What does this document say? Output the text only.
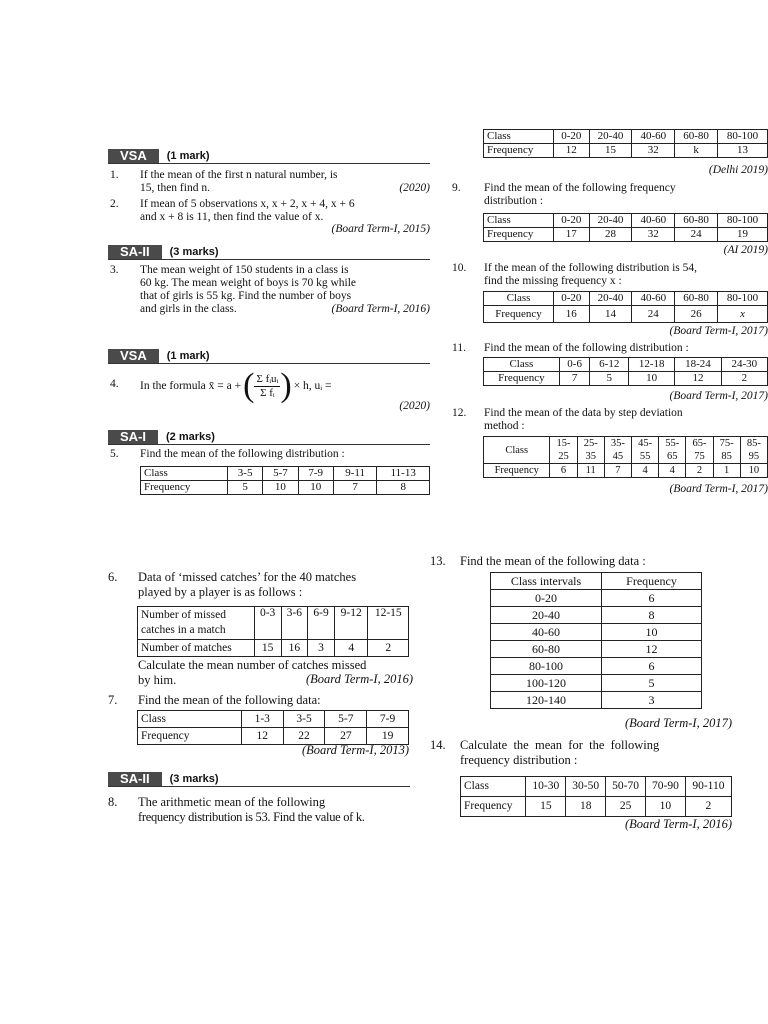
VSA	(1 mark)
1. If the mean of the first n natural number, is
15, then find n.	(2020)
2. If mean of 5 observations x, x + 2, x + 4, x + 6
and x + 8 is 11, then find the value of x.
(Board Term-I, 2015)
SA-II	(3 marks)
3. The mean weight of 150 students in a class is
60 kg. The mean weight of boys is 70 kg while
that of girls is 55 kg. Find the number of boys
and girls in the class.	(Board Term-I, 2016)
VSA	(1 mark)
4. In the formula x̄ = a + ( Σ fᵢuᵢ
Σ fᵢ ) × h, uᵢ =
(2020)
SA-I	(2 marks)
5. Find the mean of the following distribution :
Class	3-5	5-7	7-9	9-11	11-13
Frequency	5	10	10	7	8
Class	0-20	20-40	40-60	60-80	80-100
Frequency	12	15	32	k	13
(Delhi 2019)
9. Find the mean of the following frequency
distribution :
Class	0-20	20-40	40-60	60-80	80-100
Frequency	17	28	32	24	19
(AI 2019)
10. If the mean of the following distribution is 54,
find the missing frequency x :
Class	0-20	20-40	40-60	60-80	80-100
Frequency	16	14	24	26	x
(Board Term-I, 2017)
11. Find the mean of the following distribution :
Class	0-6	6-12	12-18	18-24	24-30
Frequency	7	5	10	12	2
(Board Term-I, 2017)
12. Find the mean of the data by step deviation
method :
Class	15-	25-	35-	45-	55-	65-	75-	85-
	25	35	45	55	65	75	85	95
Frequency	6	11	7	4	4	2	1	10
(Board Term-I, 2017)
6. Data of ‘missed catches’ for the 40 matches
played by a player is as follows :
Number of missed
catches in a match	0-3	3-6	6-9	9-12	12-15
Number of matches	15	16	3	4	2
Calculate the mean number of catches missed
by him.	(Board Term-I, 2016)
7. Find the mean of the following data:
Class	1-3	3-5	5-7	7-9
Frequency	12	22	27	19
(Board Term-I, 2013)
SA-II	(3 marks)
8. The arithmetic mean of the following
frequency distribution is 53. Find the value of k.
13. Find the mean of the following data :
Class intervals	Frequency
0-20	6
20-40	8
40-60	10
60-80	12
80-100	6
100-120	5
120-140	3
(Board Term-I, 2017)
14. Calculate  the  mean  for  the  following
frequency distribution :
Class	10-30	30-50	50-70	70-90	90-110
Frequency	15	18	25	10	2
(Board Term-I, 2016)
